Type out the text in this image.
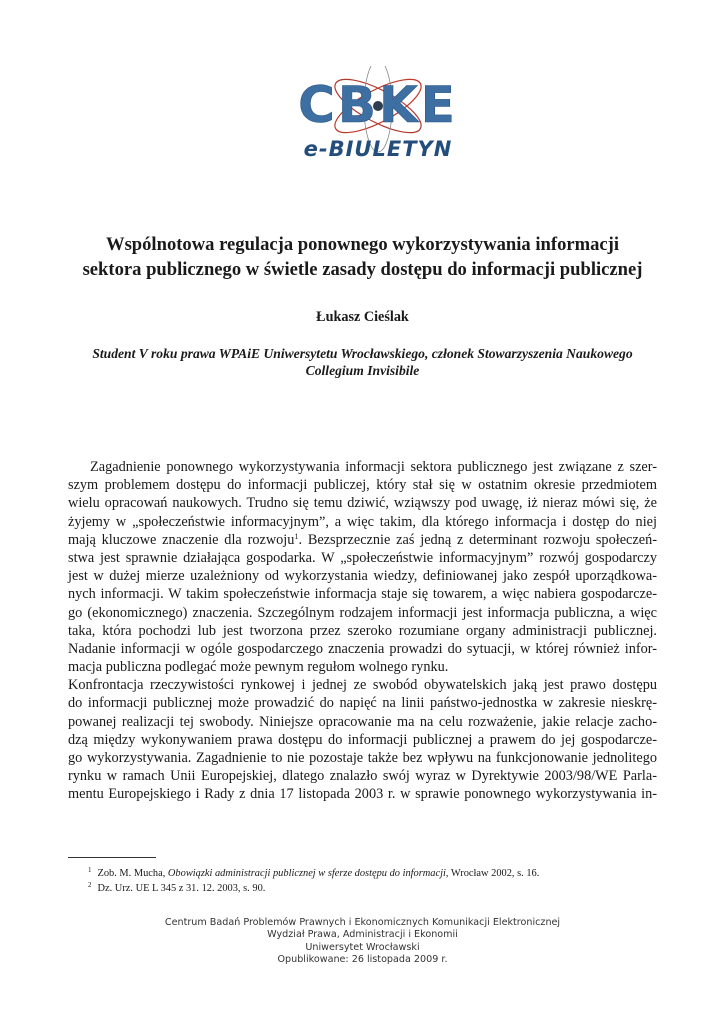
CBKE
e-BIULETYN
Wspólnotowa regulacja ponownego wykorzystywania informacji
sektora publicznego w świetle zasady dostępu do informacji publicznej
Łukasz Cieślak
Student V roku prawa WPAiE Uniwersytetu Wrocławskiego, członek Stowarzyszenia Naukowego
Collegium Invisibile
Zagadnienie ponownego wykorzystywania informacji sektora publicznego jest związane z szer-
szym problemem dostępu do informacji publiczej, który stał się w ostatnim okresie przedmiotem
wielu opracowań naukowych. Trudno się temu dziwić, wziąwszy pod uwagę, iż nieraz mówi się, że
żyjemy w „społeczeństwie informacyjnym”, a więc takim, dla którego informacja i dostęp do niej
mają kluczowe znaczenie dla rozwoju$^1$. Bezsprzecznie zaś jedną z determinant rozwoju społeczeń-
stwa jest sprawnie działająca gospodarka. W „społeczeństwie informacyjnym” rozwój gospodarczy
jest w dużej mierze uzależniony od wykorzystania wiedzy, definiowanej jako zespół uporządkowa-
nych informacji. W takim społeczeństwie informacja staje się towarem, a więc nabiera gospodarcze-
go (ekonomicznego) znaczenia. Szczególnym rodzajem informacji jest informacja publiczna, a więc
taka, która pochodzi lub jest tworzona przez szeroko rozumiane organy administracji publicznej.
Nadanie informacji w ogóle gospodarczego znaczenia prowadzi do sytuacji, w której również infor-
macja publiczna podlegać może pewnym regułom wolnego rynku.
Konfrontacja rzeczywistości rynkowej i jednej ze swobód obywatelskich jaką jest prawo dostępu
do informacji publicznej może prowadzić do napięć na linii państwo-jednostka w zakresie nieskrę-
powanej realizacji tej swobody. Niniejsze opracowanie ma na celu rozważenie, jakie relacje zacho-
dzą między wykonywaniem prawa dostępu do informacji publicznej a prawem do jej gospodarcze-
go wykorzystywania. Zagadnienie to nie pozostaje także bez wpływu na funkcjonowanie jednolitego
rynku w ramach Unii Europejskiej, dlatego znalazło swój wyraz w Dyrektywie 2003/98/WE Parla-
mentu Europejskiego i Rady z dnia 17 listopada 2003 r. w sprawie ponownego wykorzystywania in-
$^1$ Zob. M. Mucha, Obowiązki administracji publicznej w sferze dostępu do informacji, Wrocław 2002, s. 16.
$^2$ Dz. Urz. UE L 345 z 31. 12. 2003, s. 90.
Centrum Badań Problemów Prawnych i Ekonomicznych Komunikacji Elektronicznej
Wydział Prawa, Administracji i Ekonomii
Uniwersytet Wrocławski
Opublikowane: 26 listopada 2009 r.
